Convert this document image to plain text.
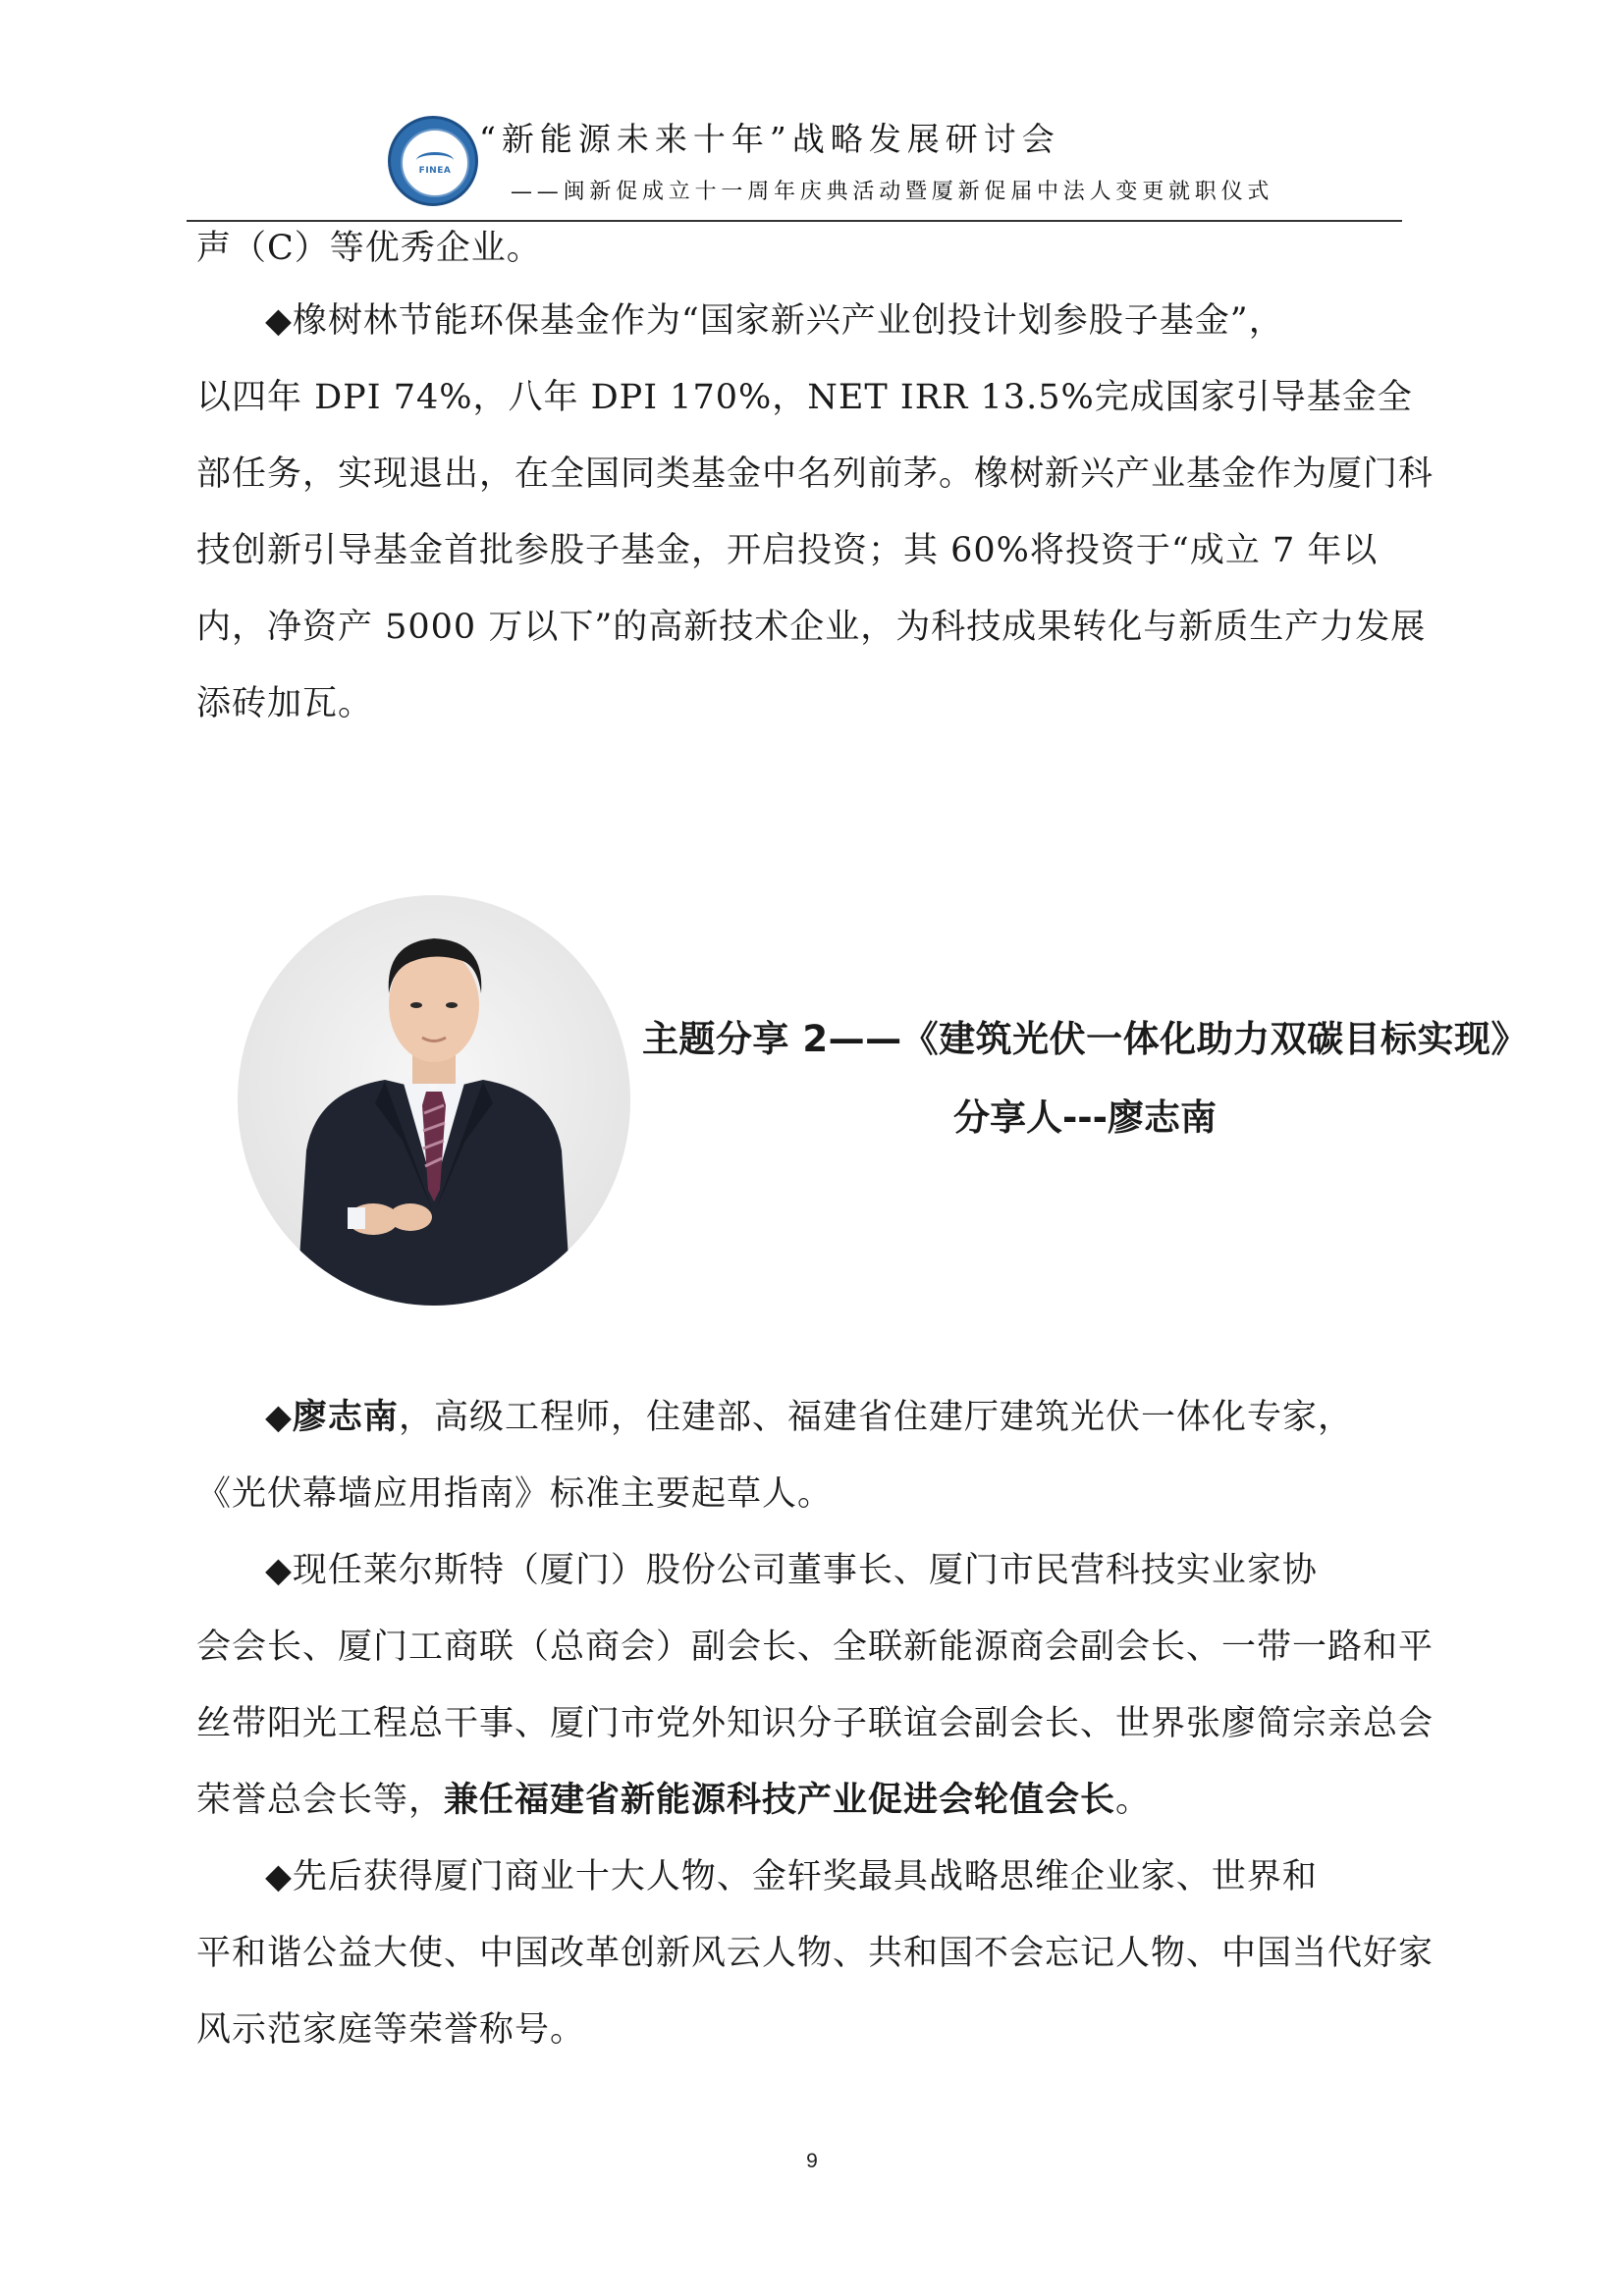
FINEA
“新能源未来十年”战略发展研讨会
——闽新促成立十一周年庆典活动暨厦新促届中法人变更就职仪式
声（C）等优秀企业。
◆橡树林节能环保基金作为“国家新兴产业创投计划参股子基金”，
以四年 DPI 74%，八年 DPI 170%，NET IRR 13.5%完成国家引导基金全部任务，实现退出，在全国同类基金中名列前茅。橡树新兴产业基金作为厦门科技创新引导基金首批参股子基金，开启投资；其 60%将投资于“成立 7 年以内，净资产 5000 万以下”的高新技术企业，为科技成果转化与新质生产力发展添砖加瓦。
主题分享 2——《建筑光伏一体化助力双碳目标实现》
分享人---廖志南
◆廖志南，高级工程师，住建部、福建省住建厅建筑光伏一体化专家，
《光伏幕墙应用指南》标准主要起草人。
◆现任莱尔斯特（厦门）股份公司董事长、厦门市民营科技实业家协
会会长、厦门工商联（总商会）副会长、全联新能源商会副会长、一带一路和平丝带阳光工程总干事、厦门市党外知识分子联谊会副会长、世界张廖简宗亲总会荣誉总会长等，兼任福建省新能源科技产业促进会轮值会长。
◆先后获得厦门商业十大人物、金轩奖最具战略思维企业家、世界和
平和谐公益大使、中国改革创新风云人物、共和国不会忘记人物、中国当代好家风示范家庭等荣誉称号。
9
